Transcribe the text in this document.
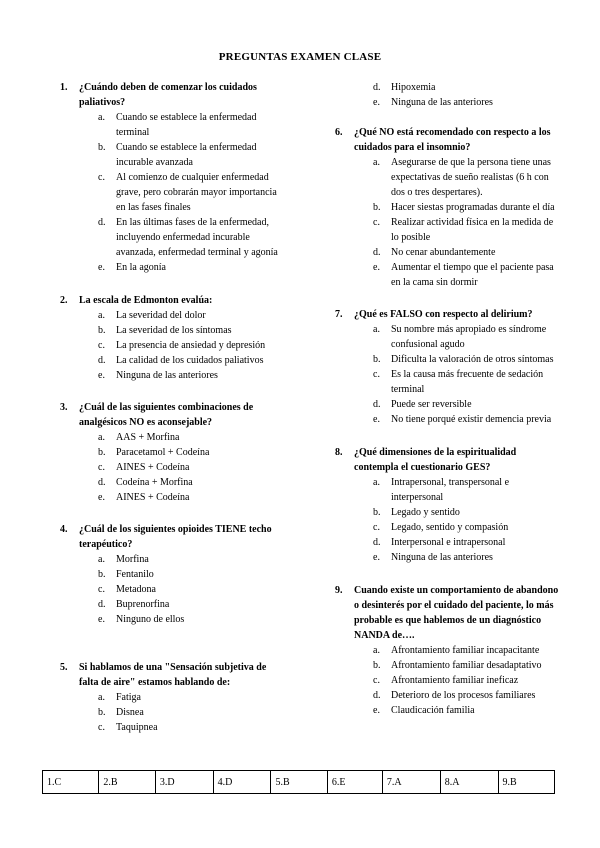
PREGUNTAS EXAMEN CLASE
1.	¿Cuándo deben de comenzar los cuidados paliativos?
a.	Cuando se establece la enfermedad terminal
b.	Cuando se establece la enfermedad incurable avanzada
c.	Al comienzo de cualquier enfermedad grave, pero cobrarán mayor importancia en las fases finales
d.	En las últimas fases de la enfermedad, incluyendo enfermedad incurable avanzada, enfermedad terminal y agonía
e.	En la agonía
2.	La escala de Edmonton evalúa:
a.	La severidad del dolor
b.	La severidad de los síntomas
c.	La presencia de ansiedad y depresión
d.	La calidad de los cuidados paliativos
e.	Ninguna de las anteriores
3.	¿Cuál de las siguientes combinaciones de analgésicos NO es aconsejable?
a.	AAS + Morfina
b.	Paracetamol + Codeína
c.	AINES + Codeína
d.	Codeína + Morfina
e.	AINES + Codeína
4.	¿Cuál de los siguientes opioides TIENE techo terapéutico?
a.	Morfina
b.	Fentanilo
c.	Metadona
d.	Buprenorfina
e.	Ninguno de ellos
5.	Si hablamos de una "Sensación subjetiva de falta de aire" estamos hablando de:
a.	Fatiga
b.	Disnea
c.	Taquipnea
d.	Hipoxemia
e.	Ninguna de las anteriores
6.	¿Qué NO está recomendado con respecto a los cuidados para el insomnio?
a.	Asegurarse de que la persona tiene unas expectativas de sueño realistas (6 h con dos o tres despertares).
b.	Hacer siestas programadas durante el día
c.	Realizar actividad física en la medida de lo posible
d.	No cenar abundantemente
e.	Aumentar el tiempo que el paciente pasa en la cama sin dormir
7.	¿Qué es FALSO con respecto al delirium?
a.	Su nombre más apropiado es síndrome confusional agudo
b.	Dificulta la valoración de otros síntomas
c.	Es la causa más frecuente de sedación terminal
d.	Puede ser reversible
e.	No tiene porqué existir demencia previa
8.	¿Qué dimensiones de la espiritualidad contempla el cuestionario GES?
a.	Intrapersonal, transpersonal e interpersonal
b.	Legado y sentido
c.	Legado, sentido y compasión
d.	Interpersonal e intrapersonal
e.	Ninguna de las anteriores
9.	Cuando existe un comportamiento de abandono o desinterés por el cuidado del paciente, lo más probable es que hablemos de un diagnóstico NANDA de….
a.	Afrontamiento familiar incapacitante
b.	Afrontamiento familiar desadaptativo
c.	Afrontamiento familiar ineficaz
d.	Deterioro de los procesos familiares
e.	Claudicación familia
1.C	2.B	3.D	4.D	5.B	6.E	7.A	8.A	9.B
